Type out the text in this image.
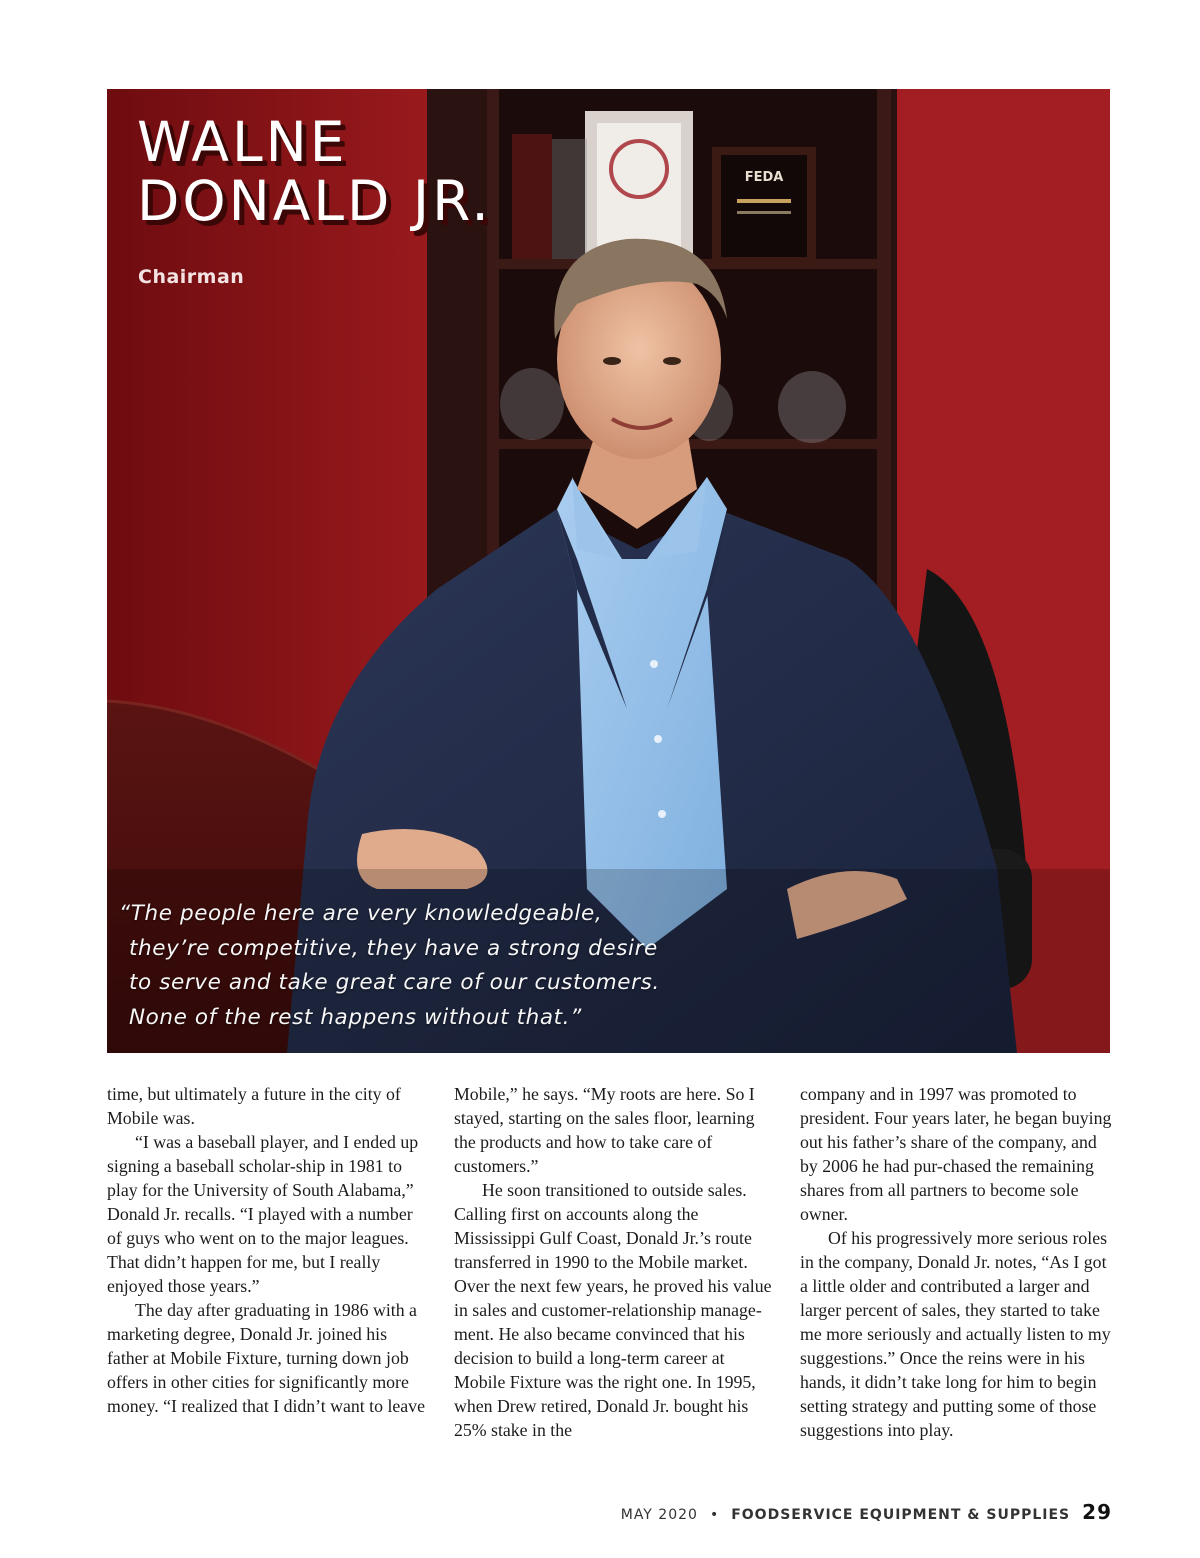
FEDA
WALNE
DONALD JR.
Chairman
“The people here are very knowledgeable,
they’re competitive, they have a strong desire
to serve and take great care of our customers.
None of the rest happens without that.”

time, but ultimately a future in the city of Mobile was.

“I was a baseball player, and I ended up signing a baseball scholar-ship in 1981 to play for the University of South Alabama,” Donald Jr. recalls. “I played with a number of guys who went on to the major leagues. That didn’t happen for me, but I really enjoyed those years.”

The day after graduating in 1986 with a marketing degree, Donald Jr. joined his father at Mobile Fixture, turning down job offers in other cities for significantly more money. “I realized that I didn’t want to leave

Mobile,” he says. “My roots are here. So I stayed, starting on the sales floor, learning the products and how to take care of customers.”

He soon transitioned to outside sales. Calling first on accounts along the Mississippi Gulf Coast, Donald Jr.’s route transferred in 1990 to the Mobile market. Over the next few years, he proved his value in sales and customer-relationship manage-ment. He also became convinced that his decision to build a long-term career at Mobile Fixture was the right one. In 1995, when Drew retired, Donald Jr. bought his 25% stake in the

company and in 1997 was promoted to president. Four years later, he began buying out his father’s share of the company, and by 2006 he had pur-chased the remaining shares from all partners to become sole owner.

Of his progressively more serious roles in the company, Donald Jr. notes, “As I got a little older and contributed a larger and larger percent of sales, they started to take me more seriously and actually listen to my suggestions.” Once the reins were in his hands, it didn’t take long for him to begin setting strategy and putting some of those suggestions into play.

MAY 2020 • FOODSERVICE EQUIPMENT & SUPPLIES 29
